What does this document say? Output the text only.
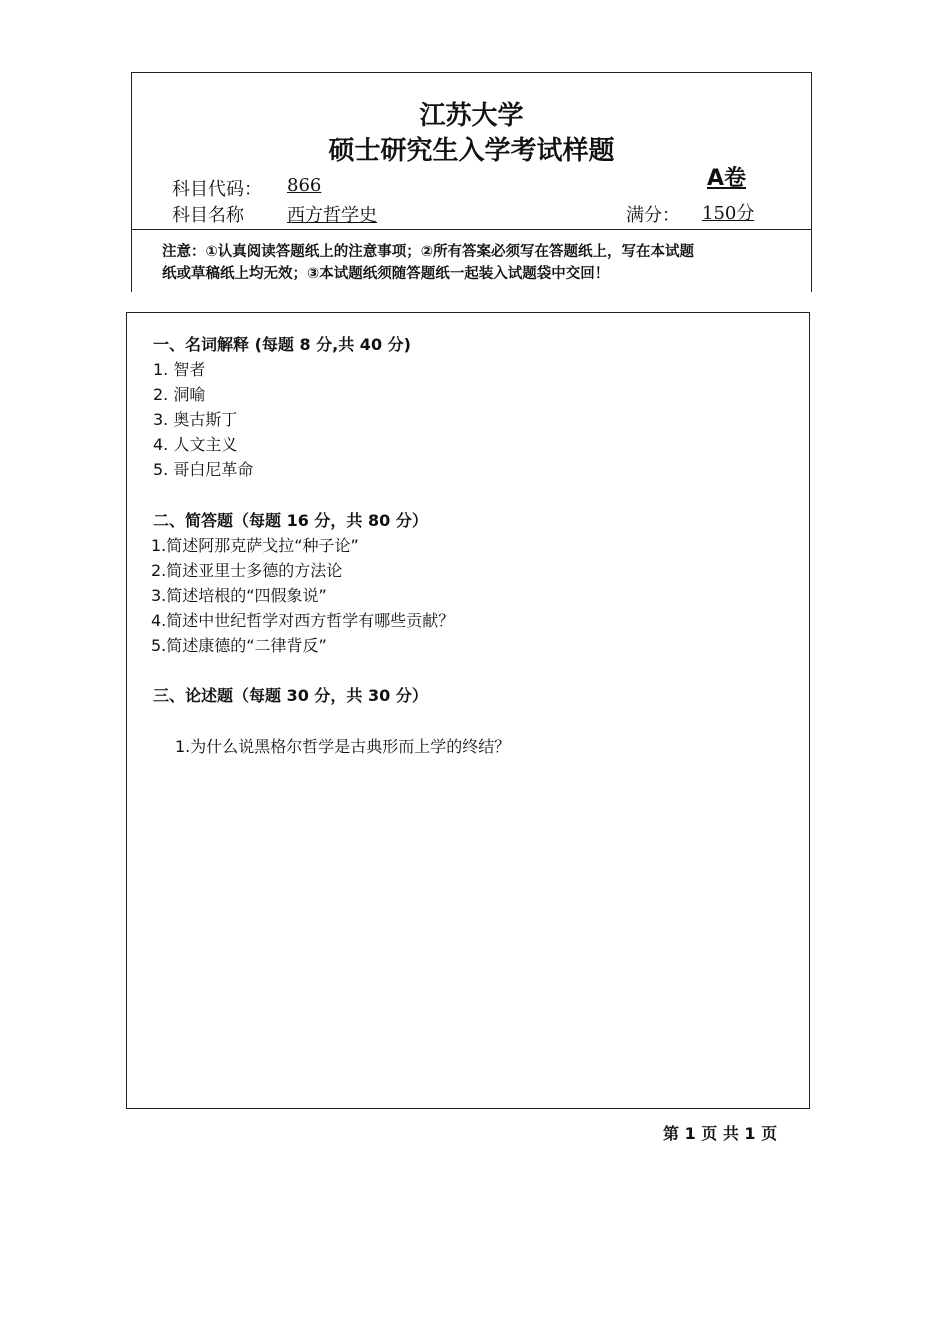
江苏大学
硕士研究生入学考试样题
科目代码： 866	A卷
科目名称 西方哲学史	满分： 150分
注意：①认真阅读答题纸上的注意事项；②所有答案必须写在答题纸上，写在本试题
纸或草稿纸上均无效；③本试题纸须随答题纸一起装入试题袋中交回！
一、名词解释 (每题 8 分,共 40 分)
1. 智者
2. 洞喻
3. 奥古斯丁
4. 人文主义
5. 哥白尼革命
二、简答题（每题 16 分，共 80 分）
1.简述阿那克萨戈拉“种子论”
2.简述亚里士多德的方法论
3.简述培根的“四假象说”
4.简述中世纪哲学对西方哲学有哪些贡献？
5.简述康德的“二律背反”
三、论述题（每题 30 分，共 30 分）
1.为什么说黑格尔哲学是古典形而上学的终结？
第 1 页 共 1 页
